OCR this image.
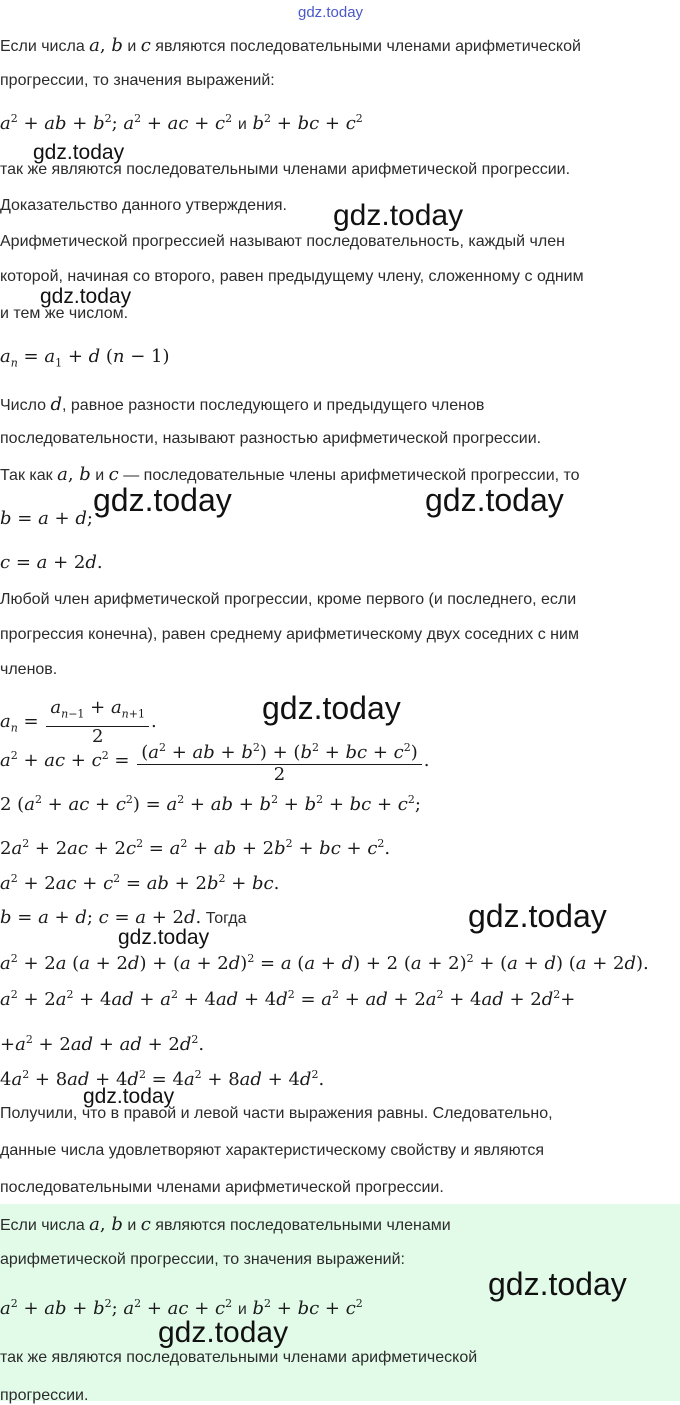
gdz.today
Если числа a, b и c являются последовательными членами арифметической
прогрессии, то значения выражений:
$a^2$ + ab + $b^2$; $a^2$ + ac + $c^2$ и $b^2$ + bc + $c^2$
gdz.today
так же являются последовательными членами арифметической прогрессии.
Доказательство данного утверждения. gdz.today
Арифметической прогрессией называют последовательность, каждый член
которой, начиная со второго, равен предыдущему члену, сложенному с одним
gdz.today
и тем же числом.
$a_n = a_1 + d$ (n − 1)
Число d, равное разности последующего и предыдущего членов
последовательности, называют разностью арифметической прогрессии.
Так как a, b и c — последовательные члены арифметической прогрессии, то
b = a + d;
gdz.today	gdz.today
c = a + 2d.
Любой член арифметической прогрессии, кроме первого (и последнего, если
прогрессия конечна), равен среднему арифметическому двух соседних с ним
членов.
$a_n = \frac{a_{n-1} + a_{n+1}}{2}$ .	gdz.today
$a^2$ + ac + $c^2 = \frac{(a^2 + ab + b^2) + (b^2 + bc + c^2)}{2}$ .
2 ($a^2$ + ac + $c^2) = a^2$ + ab + $b^2 + b^2$ + bc + $c^2$;
$2a^2 + 2ac + 2c^2 = a^2$ + ab + $2b^2$ + bc + $c^2$.
$a^2 + 2ac + c^2$ = ab + $2b^2$ + bc.
b = a + d; c = a + 2d. Тогда	gdz.today
gdz.today
$a^2 + 2a$ $(a + 2d) + (a + 2d)^2 = a$ (a + d) + 2 $(a + 2)^2 + (a + d)$ (a + 2d).
$a^2 + 2a^2 + 4ad + a^2 + 4ad + 4d^2 = a^2$ + ad + $2a^2 + 4ad + 2d^2+$
$+a^2 + 2ad$ + ad + $2d^2$.
$4a^2 + 8ad + 4d^2 = 4a^2 + 8ad + 4d^2$.
gdz.today
Получили, что в правой и левой части выражения равны. Следовательно,
данные числа удовлетворяют характеристическому свойству и являются
последовательными членами арифметической прогрессии.
Если числа a, b и c являются последовательными членами
арифметической прогрессии, то значения выражений:
gdz.today
$a^2$ + ab + $b^2$; $a^2$ + ac + $c^2$ и $b^2$ + bc + $c^2$
gdz.today
так же являются последовательными членами арифметической
прогрессии.
